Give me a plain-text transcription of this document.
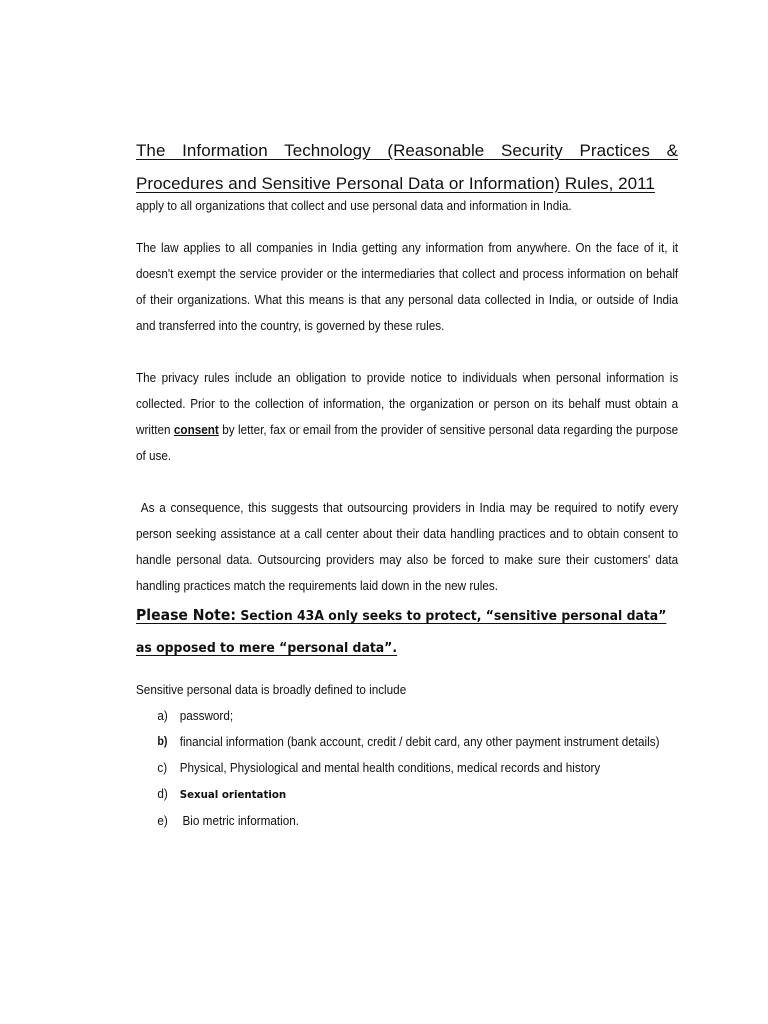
The Information Technology (Reasonable Security Practices & Procedures and Sensitive Personal Data or Information) Rules, 2011

apply to all organizations that collect and use personal data and information in India.

The law applies to all companies in India getting any information from anywhere. On the face of it, it doesn't exempt the service provider or the intermediaries that collect and process information on behalf of their organizations. What this means is that any personal data collected in India, or outside of India and transferred into the country, is governed by these rules.

The privacy rules include an obligation to provide notice to individuals when personal information is collected. Prior to the collection of information, the organization or person on its behalf must obtain a written consent by letter, fax or email from the provider of sensitive personal data regarding the purpose of use.

As a consequence, this suggests that outsourcing providers in India may be required to notify every person seeking assistance at a call center about their data handling practices and to obtain consent to handle personal data. Outsourcing providers may also be forced to make sure their customers' data handling practices match the requirements laid down in the new rules.

Please Note: Section 43A only seeks to protect, “sensitive personal data” as opposed to mere “personal data”.

Sensitive personal data is broadly defined to include

a) password;
b) financial information (bank account, credit / debit card, any other payment instrument details)
c) Physical, Physiological and mental health conditions, medical records and history
d) Sexual orientation
e) Bio metric information.
